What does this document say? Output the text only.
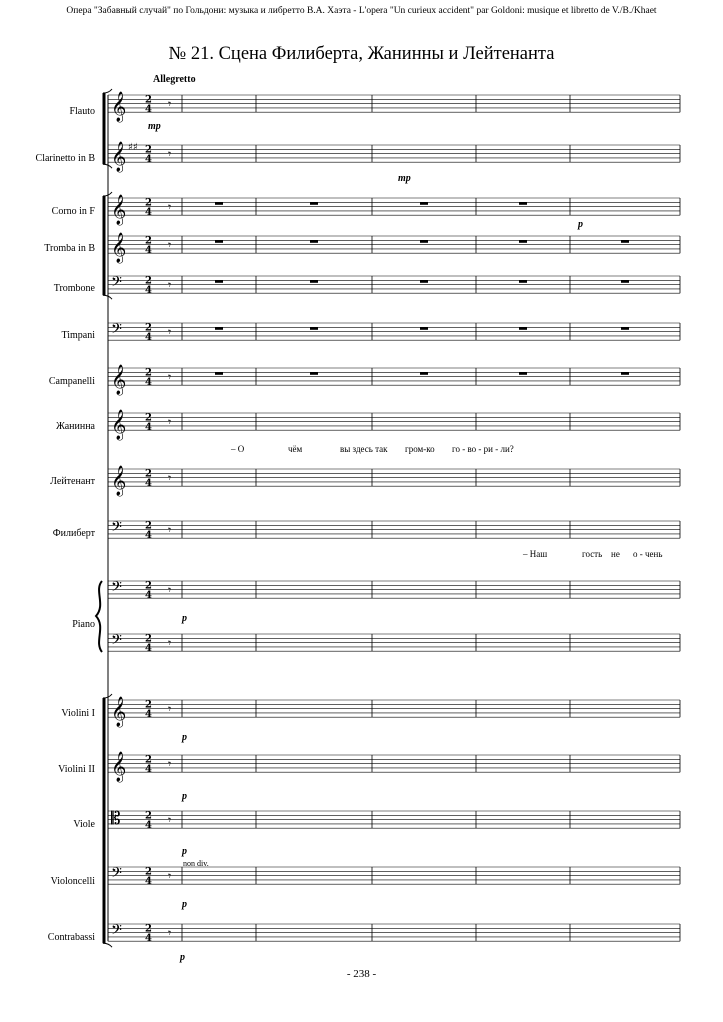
Опера "Забавный случай" по Гольдони: музыка и либретто В.А. Хаэта - L'opera "Un curieux accident" par Goldoni: musique et libretto de V./B./Khaet
№ 21. Сцена Филиберта, Жанинны и Лейтенанта
Allegretto
𝄞 2
4 𝄾
𝄞 2
4 𝄾
𝄞 2
4 𝄾
𝄞 2
4 𝄾
𝄢 2
4 𝄾
𝄢 2
4 𝄾
𝄞 2
4 𝄾
𝄞 2
4 𝄾
𝄞 2
4 𝄾
𝄢 2
4 𝄾
𝄢 2
4 𝄾
𝄢 2
4 𝄾
𝄞 2
4 𝄾
𝄞 2
4 𝄾
𝄡 2
4 𝄾
𝄢 2
4 𝄾
𝄢 2
4 𝄾
♯♯
Flauto
Clarinetto in B
Corno in F
Tromba in B
Trombone
Timpani
Campanelli
Жанинна
Лейтенант
Филиберт
Piano
Violini I
Violini II
Viole
Violoncelli
Contrabassi
– О	чём	вы здесь так гром-ко го - во - ри - ли?
– Наш	гость не о - чень
mp
mp
p
p
p
p
p
p
p
non div.
- 238 -
